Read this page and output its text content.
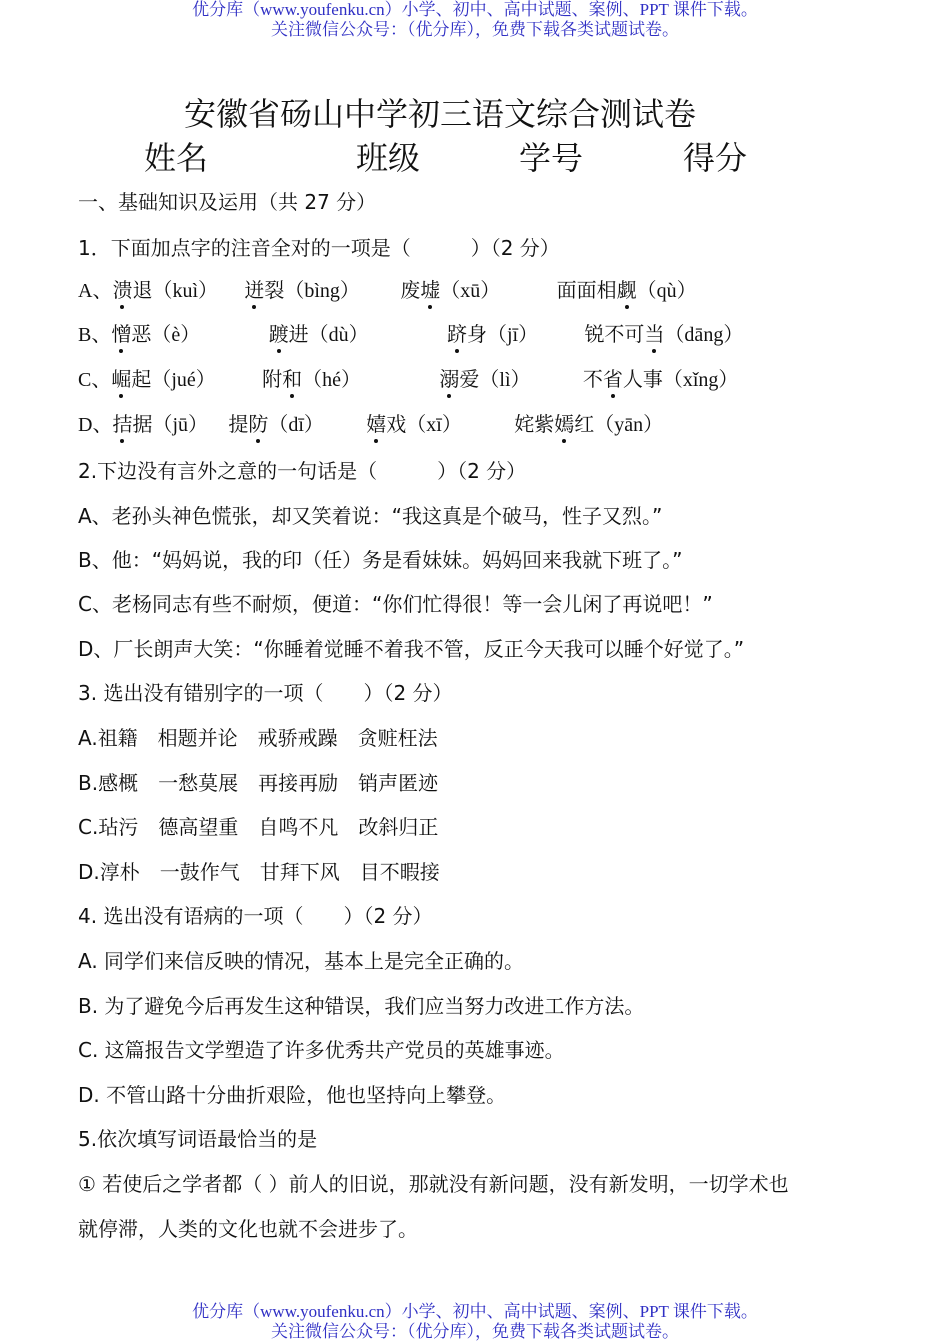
优分库（www.youfenku.cn）小学、初中、高中试题、案例、PPT 课件下载。
关注微信公众号：（优分库），免费下载各类试题试卷。
安徽省砀山中学初三语文综合测试卷
姓名	班级	学号	得分
一、基础知识及运用（共 27 分）
1．下面加点字的注音全对的一项是（　　　）（2 分）
A、溃退（kuì） 迸裂（bìng） 废墟（xū）	面面相觑（qù）
B、憎恶（è）	踱进（dù）	跻身（jī） 锐不可当（dāng）
C、崛起（jué） 附和（hé）	溺爱（lì）	不省人事（xǐng）
D、拮据（jū） 提防（dī） 嬉戏（xī）	姹紫嫣红（yān）
2.下边没有言外之意的一句话是（　　　）（2 分）
A、老孙头神色慌张，却又笑着说：“我这真是个破马，性子又烈。”
B、他：“妈妈说，我的印（任）务是看妹妹。妈妈回来我就下班了。”
C、老杨同志有些不耐烦，便道：“你们忙得很！等一会儿闲了再说吧！”
D、厂长朗声大笑：“你睡着觉睡不着我不管，反正今天我可以睡个好觉了。”
3. 选出没有错别字的一项（　　）（2 分）
A.祖籍　相题并论　戒骄戒躁　贪赃枉法
B.感概　一愁莫展　再接再励　销声匿迹
C.玷污　德高望重　自鸣不凡　改斜归正
D.淳朴　一鼓作气　甘拜下风　目不暇接
4. 选出没有语病的一项（　　）（2 分）
A. 同学们来信反映的情况，基本上是完全正确的。
B. 为了避免今后再发生这种错误，我们应当努力改进工作方法。
C. 这篇报告文学塑造了许多优秀共产党员的英雄事迹。
D. 不管山路十分曲折艰险，他也坚持向上攀登。
5.依次填写词语最恰当的是
① 若使后之学者都（ ）前人的旧说，那就没有新问题，没有新发明，一切学术也
就停滞，人类的文化也就不会进步了。
优分库（www.youfenku.cn）小学、初中、高中试题、案例、PPT 课件下载。
关注微信公众号：（优分库），免费下载各类试题试卷。
